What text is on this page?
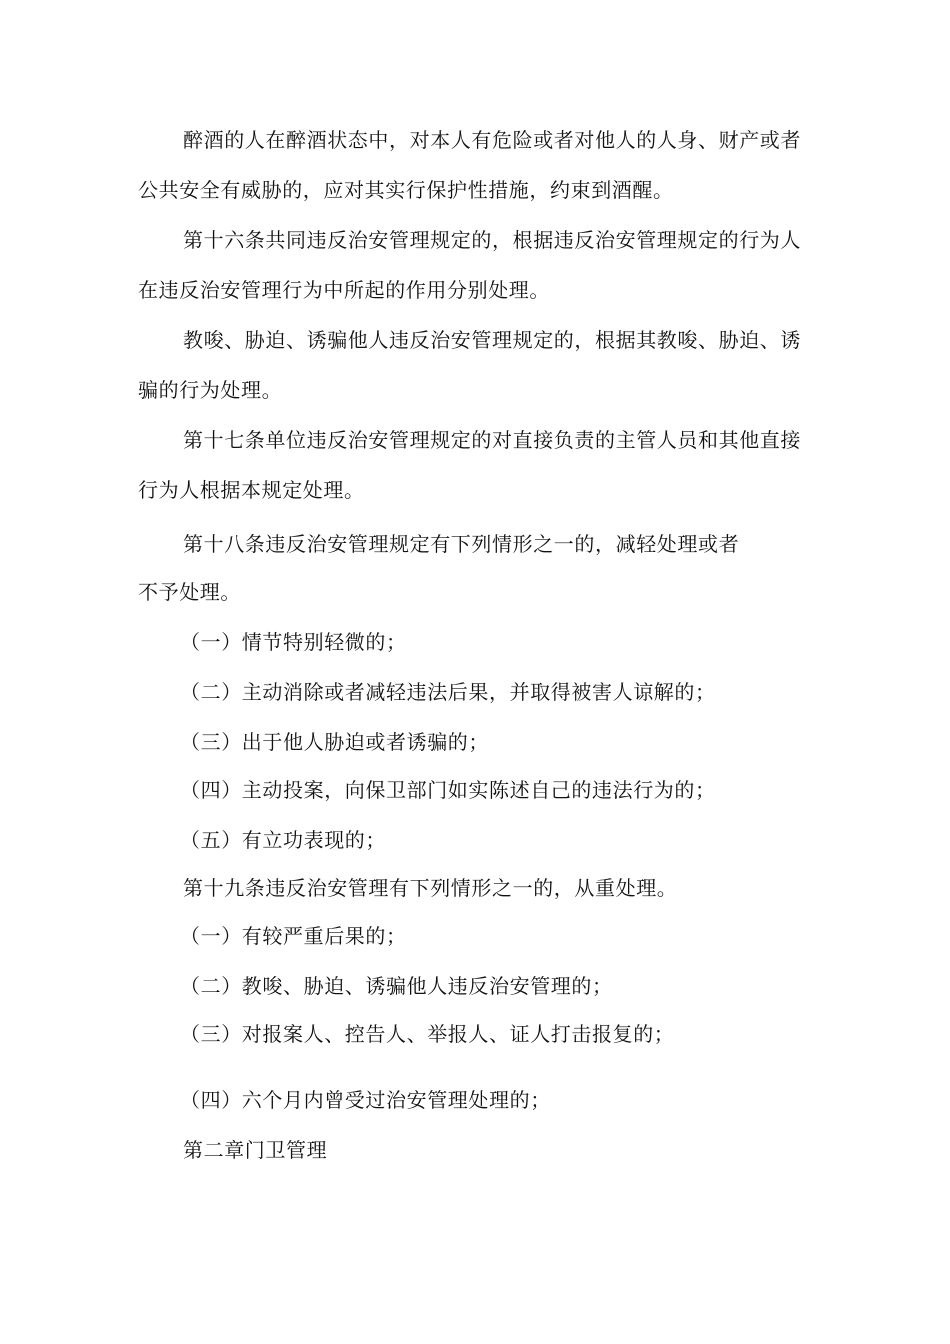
醉酒的人在醉酒状态中，对本人有危险或者对他人的人身、财产或者
公共安全有威胁的，应对其实行保护性措施，约束到酒醒。
第十六条共同违反治安管理规定的，根据违反治安管理规定的行为人
在违反治安管理行为中所起的作用分别处理。
教唆、胁迫、诱骗他人违反治安管理规定的，根据其教唆、胁迫、诱
骗的行为处理。
第十七条单位违反治安管理规定的对直接负责的主管人员和其他直接
行为人根据本规定处理。
第十八条违反治安管理规定有下列情形之一的，减轻处理或者
不予处理。
（一）情节特别轻微的；
（二）主动消除或者减轻违法后果，并取得被害人谅解的；
（三）出于他人胁迫或者诱骗的；
（四）主动投案，向保卫部门如实陈述自己的违法行为的；
（五）有立功表现的；
第十九条违反治安管理有下列情形之一的，从重处理。
（一）有较严重后果的；
（二）教唆、胁迫、诱骗他人违反治安管理的；
（三）对报案人、控告人、举报人、证人打击报复的；
（四）六个月内曾受过治安管理处理的；
第二章门卫管理
